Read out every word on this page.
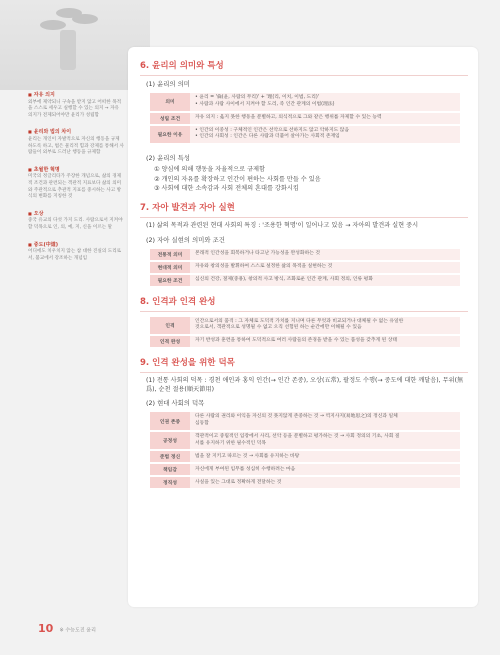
■ 자유 의지
외부에 제약되니 구속을 받지 않고 어떠한 목적을 스스로 세우고 실행할 수 있는 의지 → 자유 의지가 전제되어야만 윤리가 성립함
■ 윤리와 법의 차이
윤리는 개인이 자발적으로 자신의 행동을 규제하도록 하고, 법은 물리적 힘과 강제를 통해서 사람들이 외부로 드러난 행동을 규제함
■ 초월한 혁명
미국의 정글리타가 주장한 개념으로, 삶의 경제적 조건과 관련되는 객관적 지표보다 삶의 의미와 주관적으로 추관적 지표를 중시하는 사고 방식의 변화를 지칭한 것
■ 오상
중국 유교의 다섯 가지 도리. 사람으로서 지켜야 할 덕목으로 인, 의, 예, 지, 신을 이르는 말
■ 중도(中道)
어디에도 치우치지 않는 참 대한 진실의 도리로서, 불교에서 강조하는 개념임
6. 윤리의 의미와 특성
(1) 윤리의 의미
의미	• 윤리 = '倫(윤, 사람의 무리)' + '理(리, 이치, 이법, 도리)'
• 사람과 사람 사이에서 지켜야 할 도리, 즉 인간 관계의 이법(理法)

성립 조건	자유 의지 : 옳지 못한 행동을 분별하고, 의식적으로 그와 같은 행위를 자제할 수 있는 능력

필요한 이유	• 인간의 이중성 : 구체적인 인간은 선악으로 선하지도 않고 악하지도 않음
• 인간의 사회성 : 인간은 다른 사람과 더불어 살아가는 사회적 존재임
(2) 윤리의 특성
① 양심에 의해 행동을 자율적으로 규제함
② 개인의 자유를 확장하고 인간이 편하는 사회를 만들 수 있음
③ 사회에 대한 소속감과 사회 전체의 혼대를 강화시킴
7. 자아 발견과 자아 실현
(1) 삶의 목적과 관련된 현대 사회의 특징 : '조용한 혁명'이 일어나고 있음 → 자아의 발견과 실현 중시
(2) 자아 실현의 의미와 조건
전통적 의미	본래적 인간성을 회복하거나 타고난 가능성을 완성화하는 것
현대적 의미	자유와 창의성을 발휘하여 스스로 설정한 삶의 목적을 실현하는 것
필요한 조건	심신의 건강, 절제(중용), 창의적 사고 방식, 조화로운 인간 관계, 사회 정의, 인류 평화
8. 인격과 인격 완성
인격	인간으로서의 품격 : 그 자체로 도덕적 가치를 지니며 다른 무엇과 비교되거나 대체될 수 없는 유일한
것으로서, 객관적으로 성명될 수 없고 오직 선험된 하는 순간에만 이해될 수 있음

인격 완성	자기 반성과 훈련을 통하여 도덕적으로 여러 사람들의 존경을 받을 수 있는 품성을 갖추게 된 상태
9. 인격 완성을 위한 덕목
(1) 전통 사회의 덕목 : 경천 애인과 홍익 인간(→ 인간 존중), 오상(五常), 팔정도 수행(→ 중도에 대한 깨달음), 무위(無爲), 순천 절용(順天節用)
(2) 현대 사회의 덕목
인권 존중	다른 사람의 권리와 이익을 자신의 것 못지않게 존중하는 것 → 역지사지(易地思之)의 정신과 일체
심동함

공정성	객관적이고 중립적인 입장에서 사리, 선악 등을 분별하고 평가하는 것 → 사회 정의의 기초, 사회 질
서를 유지하기 위한 필수적인 덕목

준법 정신	법을 잘 지키고 따르는 것 → 사회를 유지하는 바탕
책임감	자신에게 부여된 임무를 성심히 수행하려는 마음
정직성	사실을 있는 그대로 정확하게 전달하는 것
10 ※ 수능도진 윤리
